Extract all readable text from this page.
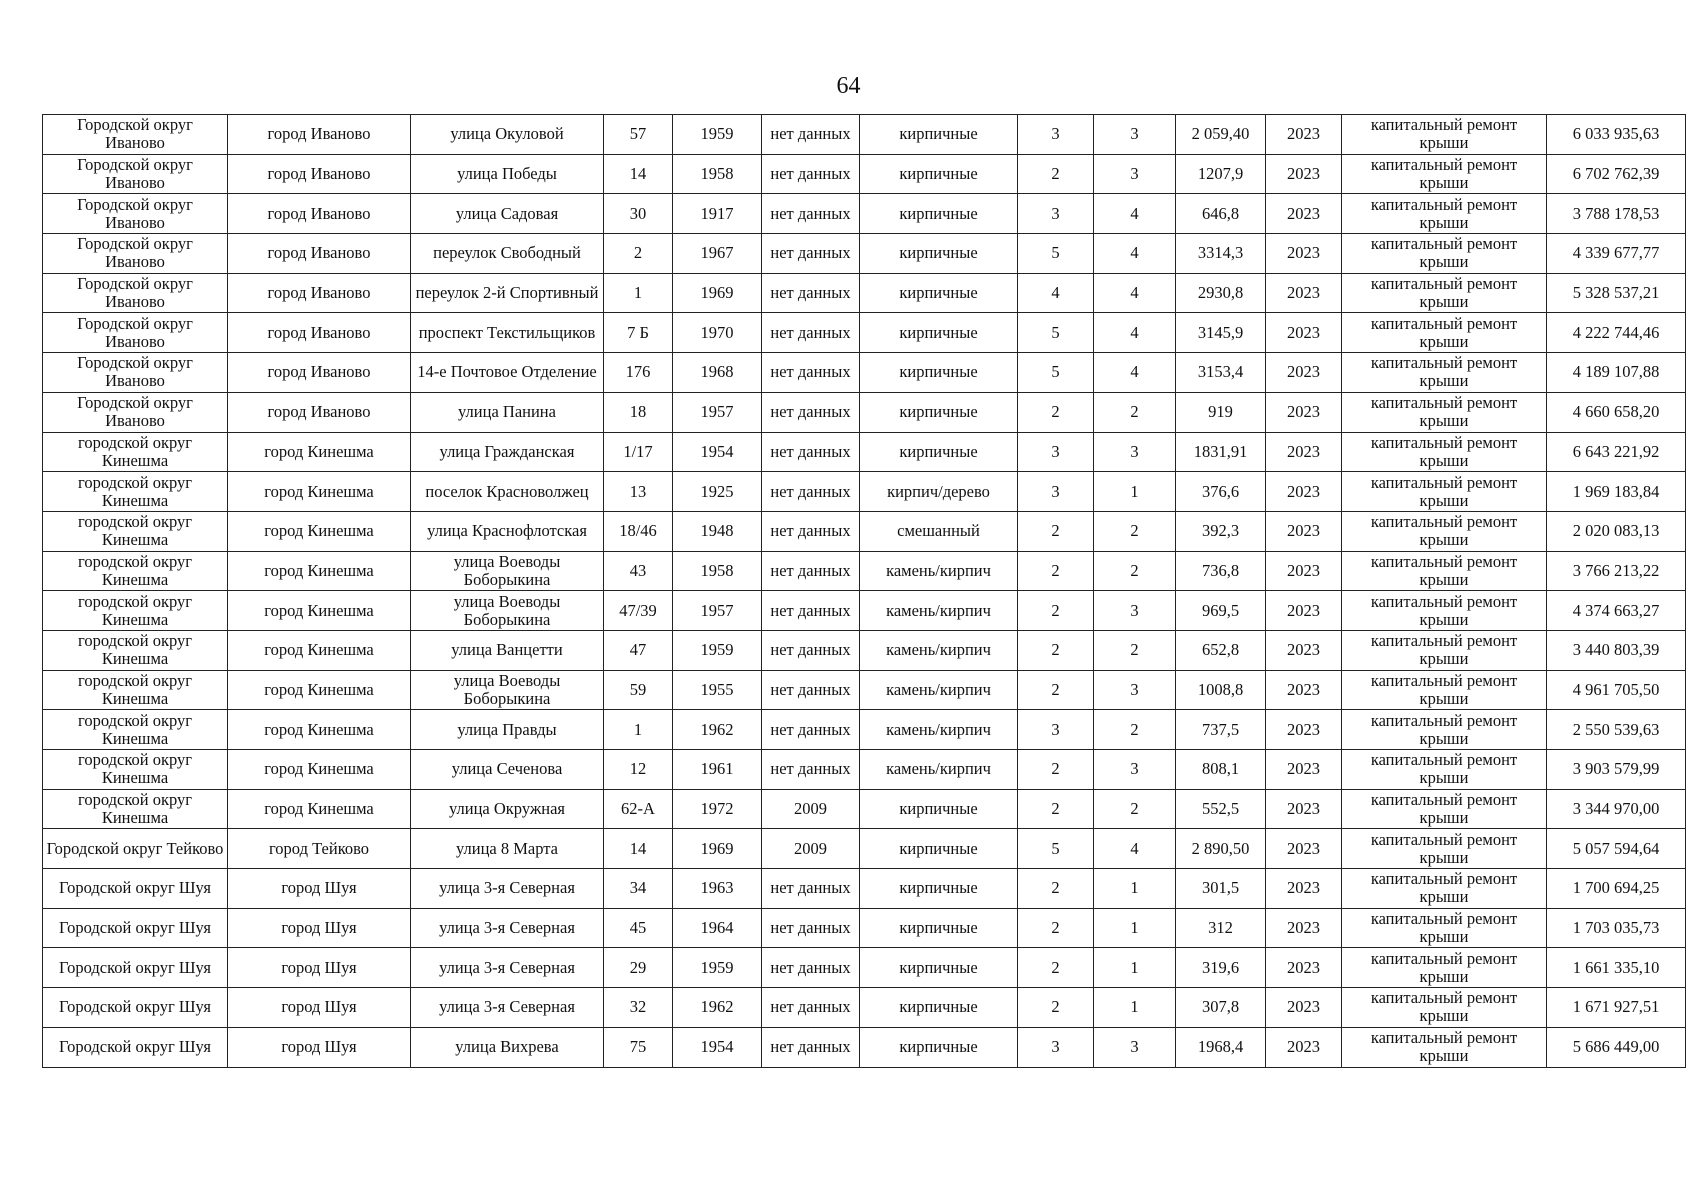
64
Городской округ Иваново	город Иваново	улица Окуловой	57	1959	нет данных	кирпичные	3	3	2 059,40	2023	капитальный ремонт крыши	6 033 935,63
Городской округ Иваново	город Иваново	улица Победы	14	1958	нет данных	кирпичные	2	3	1207,9	2023	капитальный ремонт крыши	6 702 762,39
Городской округ Иваново	город Иваново	улица Садовая	30	1917	нет данных	кирпичные	3	4	646,8	2023	капитальный ремонт крыши	3 788 178,53
Городской округ Иваново	город Иваново	переулок Свободный	2	1967	нет данных	кирпичные	5	4	3314,3	2023	капитальный ремонт крыши	4 339 677,77
Городской округ Иваново	город Иваново	переулок 2-й Спортивный	1	1969	нет данных	кирпичные	4	4	2930,8	2023	капитальный ремонт крыши	5 328 537,21
Городской округ Иваново	город Иваново	проспект Текстильщиков	7 Б	1970	нет данных	кирпичные	5	4	3145,9	2023	капитальный ремонт крыши	4 222 744,46
Городской округ Иваново	город Иваново	14-е Почтовое Отделение	176	1968	нет данных	кирпичные	5	4	3153,4	2023	капитальный ремонт крыши	4 189 107,88
Городской округ Иваново	город Иваново	улица Панина	18	1957	нет данных	кирпичные	2	2	919	2023	капитальный ремонт крыши	4 660 658,20
городской округ Кинешма	город Кинешма	улица Гражданская	1/17	1954	нет данных	кирпичные	3	3	1831,91	2023	капитальный ремонт крыши	6 643 221,92
городской округ Кинешма	город Кинешма	поселок Красноволжец	13	1925	нет данных	кирпич/дерево	3	1	376,6	2023	капитальный ремонт крыши	1 969 183,84
городской округ Кинешма	город Кинешма	улица Краснофлотская	18/46	1948	нет данных	смешанный	2	2	392,3	2023	капитальный ремонт крыши	2 020 083,13
городской округ Кинешма	город Кинешма	улица Воеводы Боборыкина	43	1958	нет данных	камень/кирпич	2	2	736,8	2023	капитальный ремонт крыши	3 766 213,22
городской округ Кинешма	город Кинешма	улица Воеводы Боборыкина	47/39	1957	нет данных	камень/кирпич	2	3	969,5	2023	капитальный ремонт крыши	4 374 663,27
городской округ Кинешма	город Кинешма	улица Ванцетти	47	1959	нет данных	камень/кирпич	2	2	652,8	2023	капитальный ремонт крыши	3 440 803,39
городской округ Кинешма	город Кинешма	улица Воеводы Боборыкина	59	1955	нет данных	камень/кирпич	2	3	1008,8	2023	капитальный ремонт крыши	4 961 705,50
городской округ Кинешма	город Кинешма	улица Правды	1	1962	нет данных	камень/кирпич	3	2	737,5	2023	капитальный ремонт крыши	2 550 539,63
городской округ Кинешма	город Кинешма	улица Сеченова	12	1961	нет данных	камень/кирпич	2	3	808,1	2023	капитальный ремонт крыши	3 903 579,99
городской округ Кинешма	город Кинешма	улица Окружная	62-А	1972	2009	кирпичные	2	2	552,5	2023	капитальный ремонт крыши	3 344 970,00
Городской округ Тейково	город Тейково	улица 8 Марта	14	1969	2009	кирпичные	5	4	2 890,50	2023	капитальный ремонт крыши	5 057 594,64
Городской округ Шуя	город Шуя	улица 3-я Северная	34	1963	нет данных	кирпичные	2	1	301,5	2023	капитальный ремонт крыши	1 700 694,25
Городской округ Шуя	город Шуя	улица 3-я Северная	45	1964	нет данных	кирпичные	2	1	312	2023	капитальный ремонт крыши	1 703 035,73
Городской округ Шуя	город Шуя	улица 3-я Северная	29	1959	нет данных	кирпичные	2	1	319,6	2023	капитальный ремонт крыши	1 661 335,10
Городской округ Шуя	город Шуя	улица 3-я Северная	32	1962	нет данных	кирпичные	2	1	307,8	2023	капитальный ремонт крыши	1 671 927,51
Городской округ Шуя	город Шуя	улица Вихрева	75	1954	нет данных	кирпичные	3	3	1968,4	2023	капитальный ремонт крыши	5 686 449,00
